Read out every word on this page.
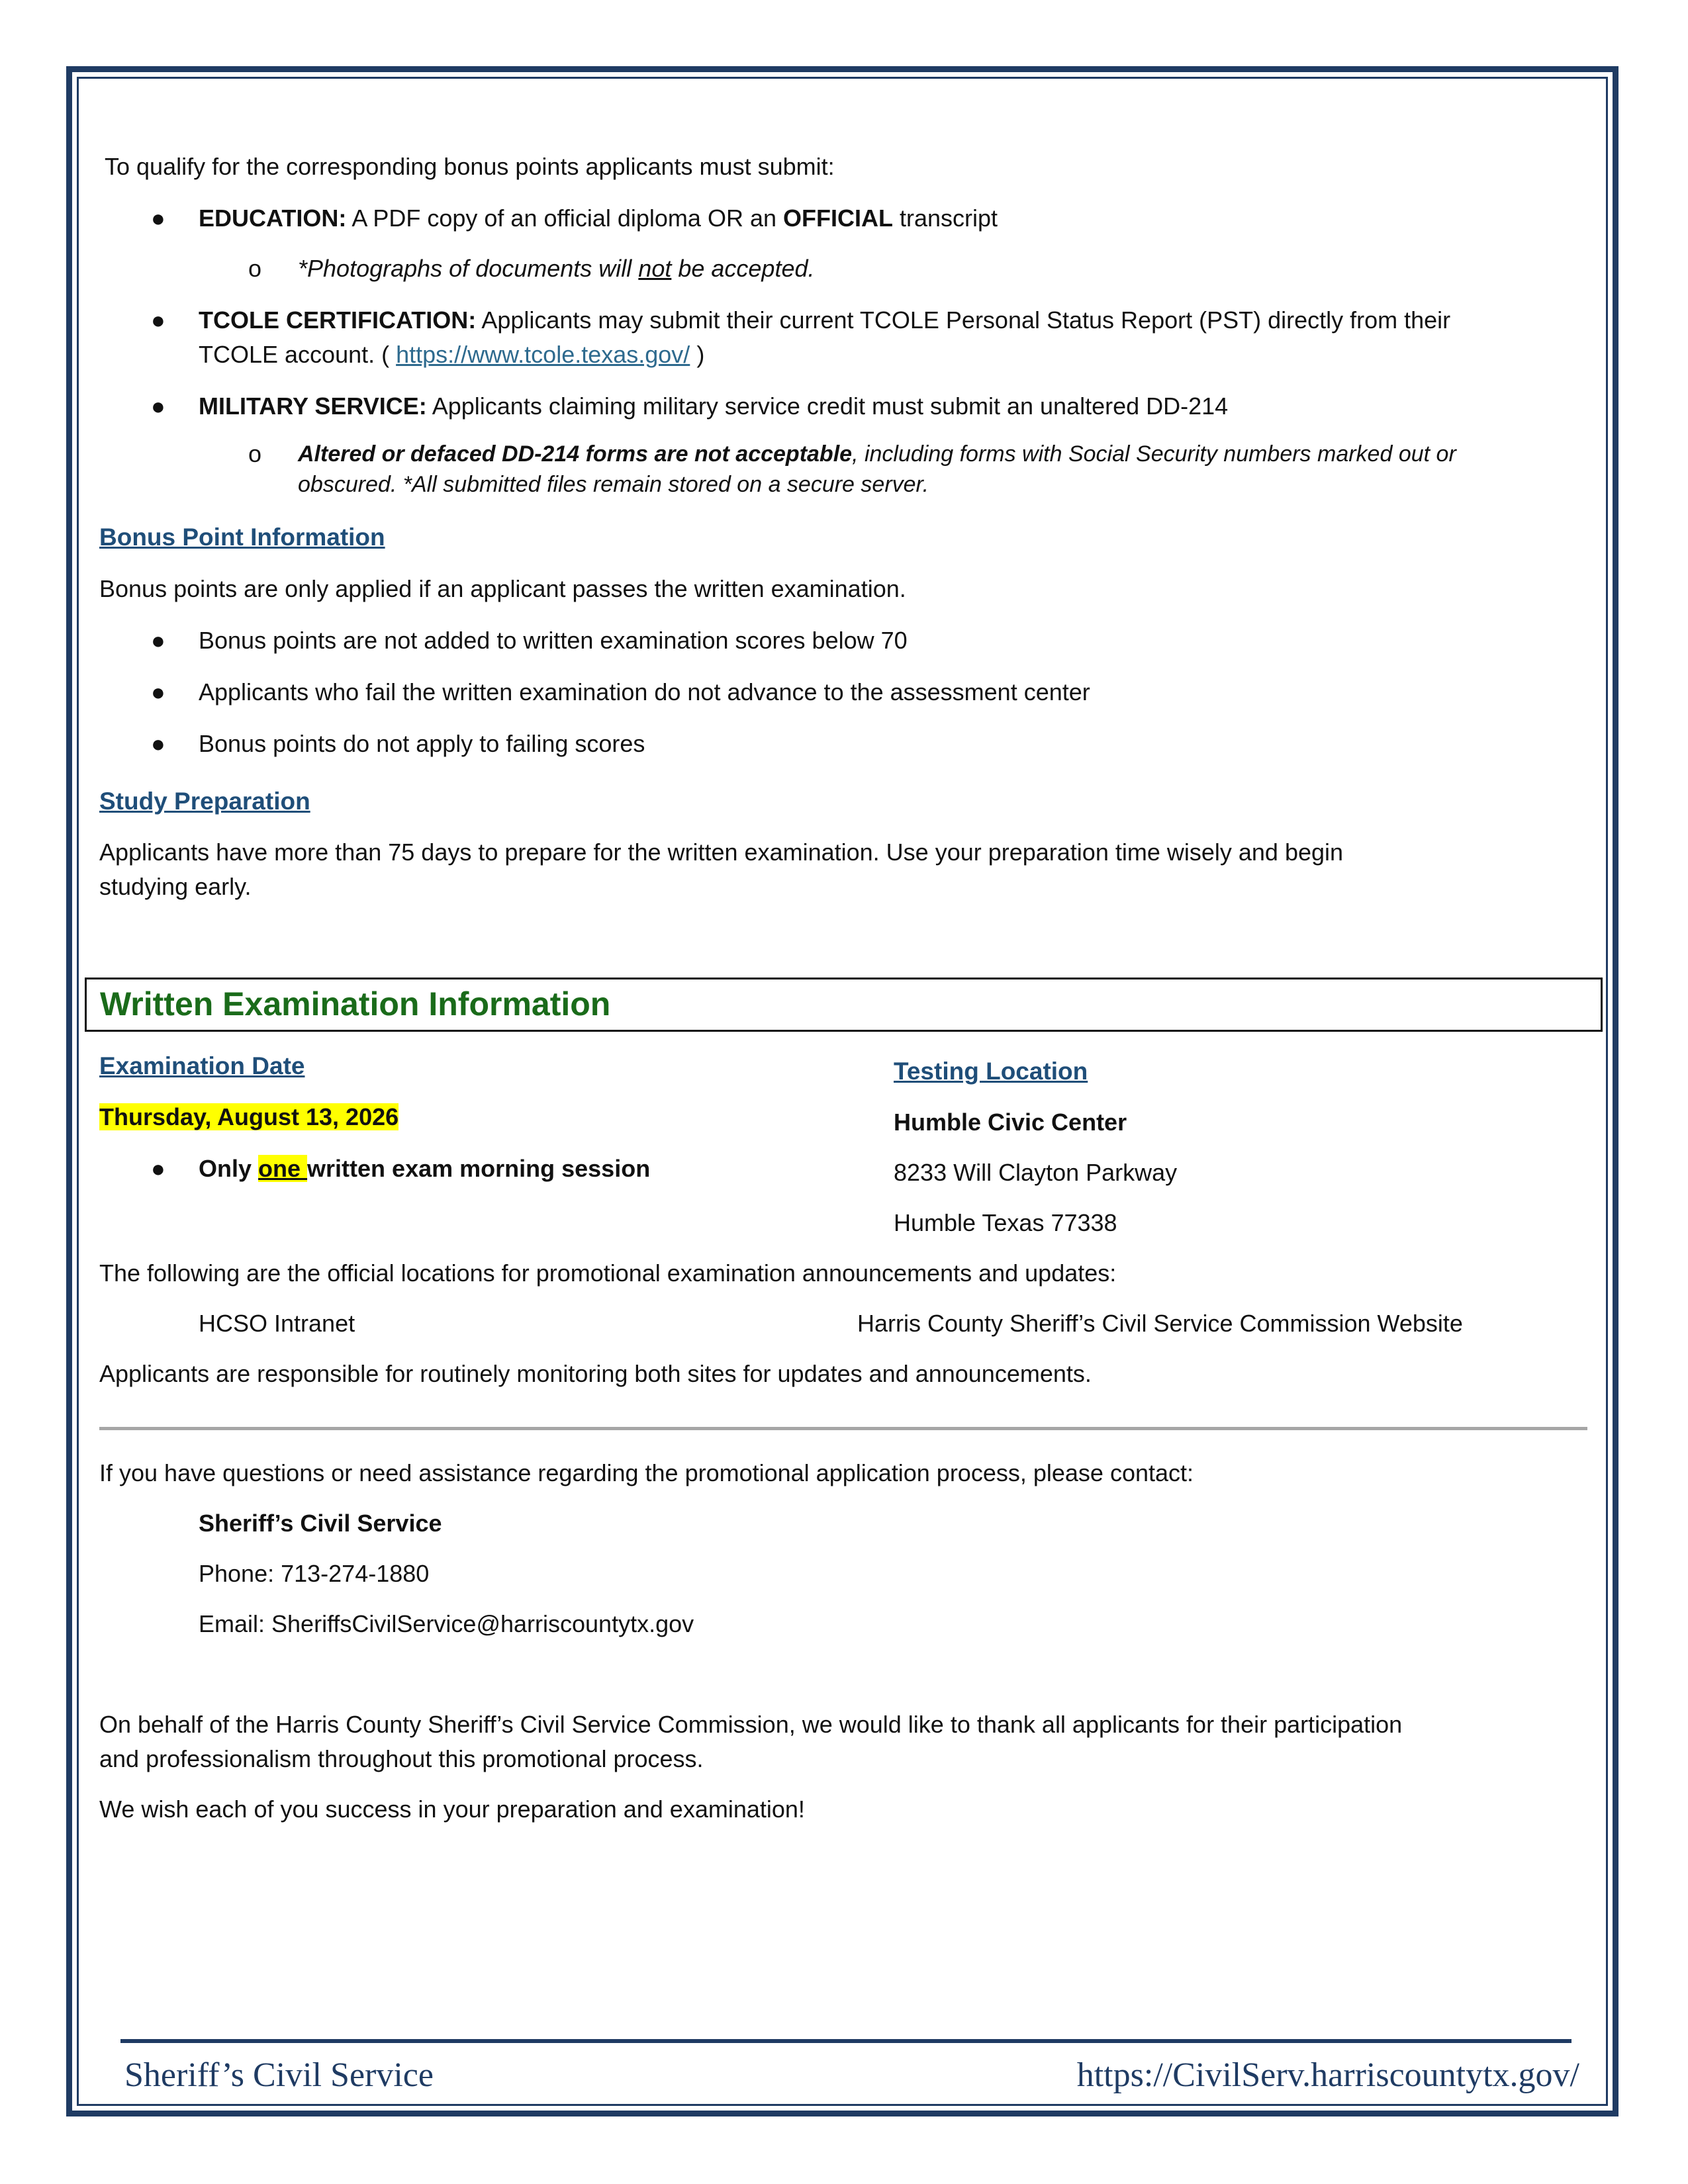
To qualify for the corresponding bonus points applicants must submit:
● EDUCATION: A PDF copy of an official diploma OR an OFFICIAL transcript
o *Photographs of documents will not be accepted.
● TCOLE CERTIFICATION: Applicants may submit their current TCOLE Personal Status Report (PST) directly from their
TCOLE account. ( https://www.tcole.texas.gov/ )
● MILITARY SERVICE: Applicants claiming military service credit must submit an unaltered DD-214
o Altered or defaced DD-214 forms are not acceptable, including forms with Social Security numbers marked out or
obscured. *All submitted files remain stored on a secure server.
Bonus Point Information
Bonus points are only applied if an applicant passes the written examination.
● Bonus points are not added to written examination scores below 70
● Applicants who fail the written examination do not advance to the assessment center
● Bonus points do not apply to failing scores
Study Preparation
Applicants have more than 75 days to prepare for the written examination. Use your preparation time wisely and begin
studying early.
Written Examination Information
Examination Date
Thursday, August 13, 2026
● Only one written exam morning session
Testing Location
Humble Civic Center
8233 Will Clayton Parkway
Humble Texas 77338
The following are the official locations for promotional examination announcements and updates:
HCSO Intranet	Harris County Sheriff’s Civil Service Commission Website
Applicants are responsible for routinely monitoring both sites for updates and announcements.
If you have questions or need assistance regarding the promotional application process, please contact:
Sheriff’s Civil Service
Phone: 713-274-1880
Email: SheriffsCivilService@harriscountytx.gov
On behalf of the Harris County Sheriff’s Civil Service Commission, we would like to thank all applicants for their participation
and professionalism throughout this promotional process.
We wish each of you success in your preparation and examination!
Sheriff’s Civil Service	https://CivilServ.harriscountytx.gov/
